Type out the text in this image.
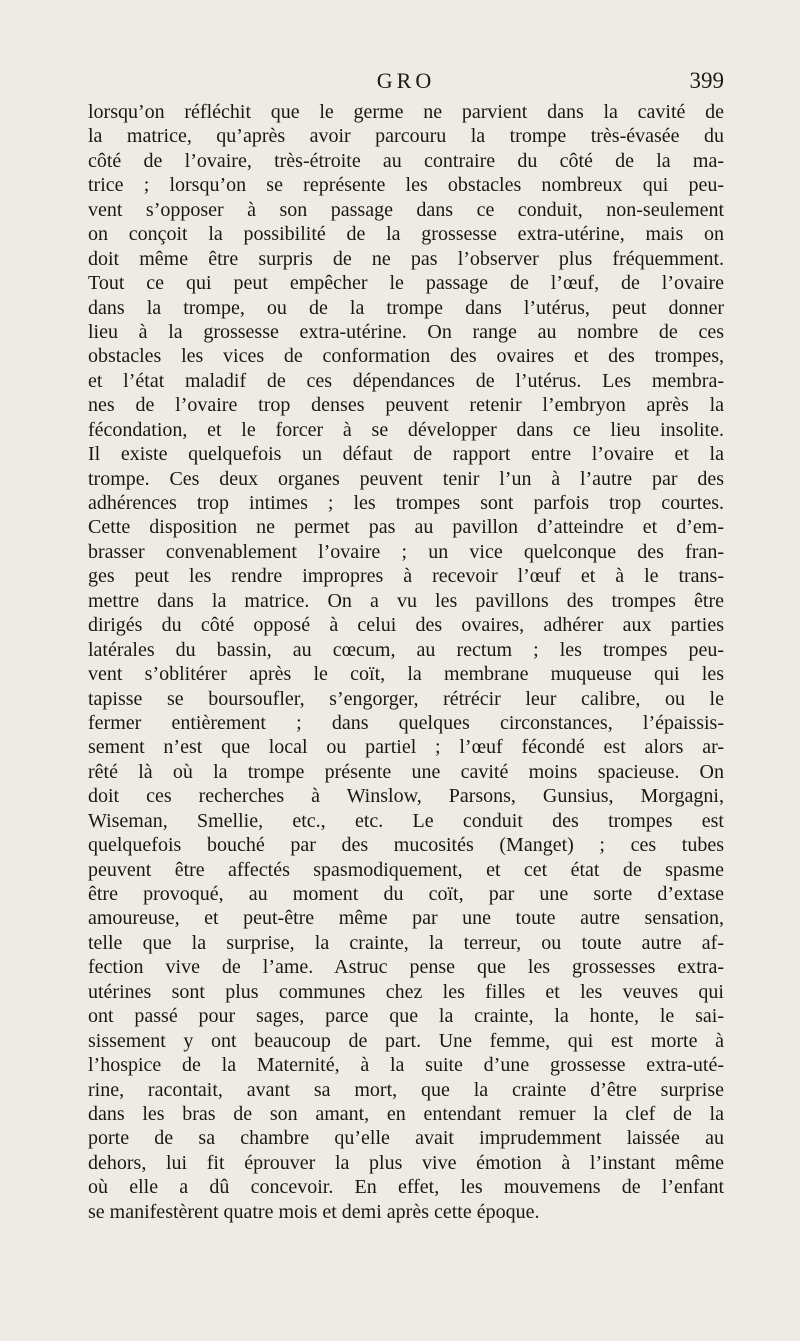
GRO	399
lorsqu’on réfléchit que le germe ne parvient dans la cavité de
la matrice, qu’après avoir parcouru la trompe très-évasée du
côté de l’ovaire, très-étroite au contraire du côté de la ma-
trice ; lorsqu’on se représente les obstacles nombreux qui peu-
vent s’opposer à son passage dans ce conduit, non-seulement
on conçoit la possibilité de la grossesse extra-utérine, mais on
doit même être surpris de ne pas l’observer plus fréquemment.
Tout ce qui peut empêcher le passage de l’œuf, de l’ovaire
dans la trompe, ou de la trompe dans l’utérus, peut donner
lieu à la grossesse extra-utérine. On range au nombre de ces
obstacles les vices de conformation des ovaires et des trompes,
et l’état maladif de ces dépendances de l’utérus. Les membra-
nes de l’ovaire trop denses peuvent retenir l’embryon après la
fécondation, et le forcer à se développer dans ce lieu insolite.
Il existe quelquefois un défaut de rapport entre l’ovaire et la
trompe. Ces deux organes peuvent tenir l’un à l’autre par des
adhérences trop intimes ; les trompes sont parfois trop courtes.
Cette disposition ne permet pas au pavillon d’atteindre et d’em-
brasser convenablement l’ovaire ; un vice quelconque des fran-
ges peut les rendre impropres à recevoir l’œuf et à le trans-
mettre dans la matrice. On a vu les pavillons des trompes être
dirigés du côté opposé à celui des ovaires, adhérer aux parties
latérales du bassin, au cœcum, au rectum ; les trompes peu-
vent s’oblitérer après le coït, la membrane muqueuse qui les
tapisse se boursoufler, s’engorger, rétrécir leur calibre, ou le
fermer entièrement ; dans quelques circonstances, l’épaissis-
sement n’est que local ou partiel ; l’œuf fécondé est alors ar-
rêté là où la trompe présente une cavité moins spacieuse. On
doit ces recherches à Winslow, Parsons, Gunsius, Morgagni,
Wiseman, Smellie, etc., etc. Le conduit des trompes est
quelquefois bouché par des mucosités (Manget) ; ces tubes
peuvent être affectés spasmodiquement, et cet état de spasme
être provoqué, au moment du coït, par une sorte d’extase
amoureuse, et peut-être même par une toute autre sensation,
telle que la surprise, la crainte, la terreur, ou toute autre af-
fection vive de l’ame. Astruc pense que les grossesses extra-
utérines sont plus communes chez les filles et les veuves qui
ont passé pour sages, parce que la crainte, la honte, le sai-
sissement y ont beaucoup de part. Une femme, qui est morte à
l’hospice de la Maternité, à la suite d’une grossesse extra-uté-
rine, racontait, avant sa mort, que la crainte d’être surprise
dans les bras de son amant, en entendant remuer la clef de la
porte de sa chambre qu’elle avait imprudemment laissée au
dehors, lui fit éprouver la plus vive émotion à l’instant même
où elle a dû concevoir. En effet, les mouvemens de l’enfant
se manifestèrent quatre mois et demi après cette époque.
